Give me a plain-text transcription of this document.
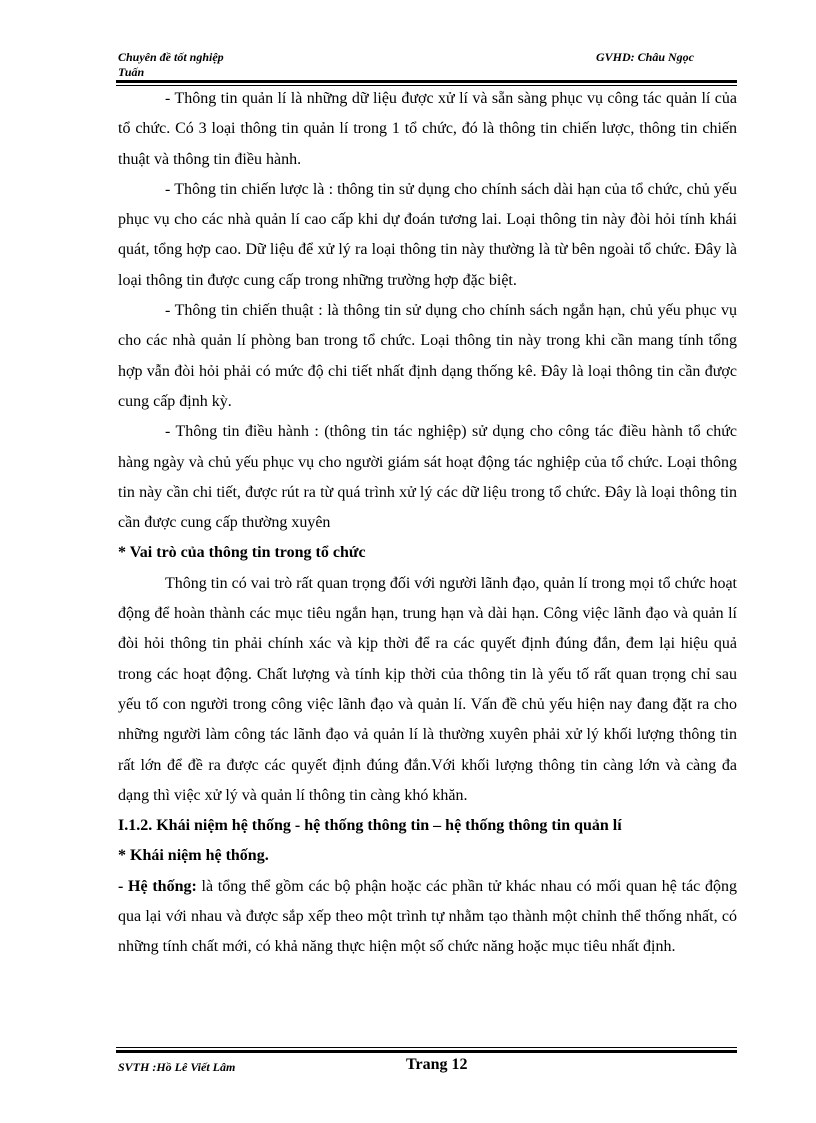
Chuyên đề tốt nghiệp
Tuấn
GVHD: Châu Ngọc

- Thông tin quản lí là những dữ liệu được xử lí và sẵn sàng phục vụ công tác quản lí của tổ chức. Có 3 loại thông tin quản lí trong 1 tổ chức, đó là thông tin chiến lược, thông tin chiến thuật và thông tin điều hành.

- Thông tin chiến lược là : thông tin sử dụng cho chính sách dài hạn của tổ chức, chủ yếu phục vụ cho các nhà quản lí cao cấp khi dự đoán tương lai. Loại thông tin này đòi hỏi tính khái quát, tổng hợp cao. Dữ liệu để xử lý ra loại thông tin này thường là từ bên ngoài tổ chức. Đây là loại thông tin được cung cấp trong những trường hợp đặc biệt.

- Thông tin chiến thuật : là thông tin sử dụng cho chính sách ngắn hạn, chủ yếu phục vụ cho các nhà quản lí phòng ban trong tổ chức. Loại thông tin này trong khi cần mang tính tổng hợp vẫn đòi hỏi phải có mức độ chi tiết nhất định dạng thống kê. Đây là loại thông tin cần được cung cấp định kỳ.

- Thông tin điều hành : (thông tin tác nghiệp) sử dụng cho công tác điều hành tổ chức hàng ngày và chủ yếu phục vụ cho người giám sát hoạt động tác nghiệp của tổ chức. Loại thông tin này cần chi tiết, được rút ra từ quá trình xử lý các dữ liệu trong tổ chức. Đây là loại thông tin cần được cung cấp thường xuyên

* Vai trò của thông tin trong tổ chức

Thông tin có vai trò rất quan trọng đối với người lãnh đạo, quản lí trong mọi tổ chức hoạt động để hoàn thành các mục tiêu ngắn hạn, trung hạn và dài hạn. Công việc lãnh đạo và quản lí đòi hỏi thông tin phải chính xác và kịp thời để ra các quyết định đúng đắn, đem lại hiệu quả trong các hoạt động. Chất lượng và tính kịp thời của thông tin là yếu tố rất quan trọng chỉ sau yếu tố con người trong công việc lãnh đạo và quản lí. Vấn đề chủ yếu hiện nay đang đặt ra cho những người làm công tác lãnh đạo vả quản lí là thường xuyên phải xử lý khối lượng thông tin rất lớn để đề ra được các quyết định đúng đắn.Với khối lượng thông tin càng lớn và càng đa dạng thì việc xử lý và quản lí thông tin càng khó khăn.

I.1.2. Khái niệm hệ thống - hệ thống thông tin – hệ thống thông tin quản lí

* Khái niệm hệ thống.

- Hệ thống: là tổng thể gồm các bộ phận hoặc các phần tử khác nhau có mối quan hệ tác động qua lại với nhau và được sắp xếp theo một trình tự nhằm tạo thành một chỉnh thể thống nhất, có những tính chất mới, có khả năng thực hiện một số chức năng hoặc mục tiêu nhất định.

SVTH :Hồ Lê Viết Lâm	Trang 12
